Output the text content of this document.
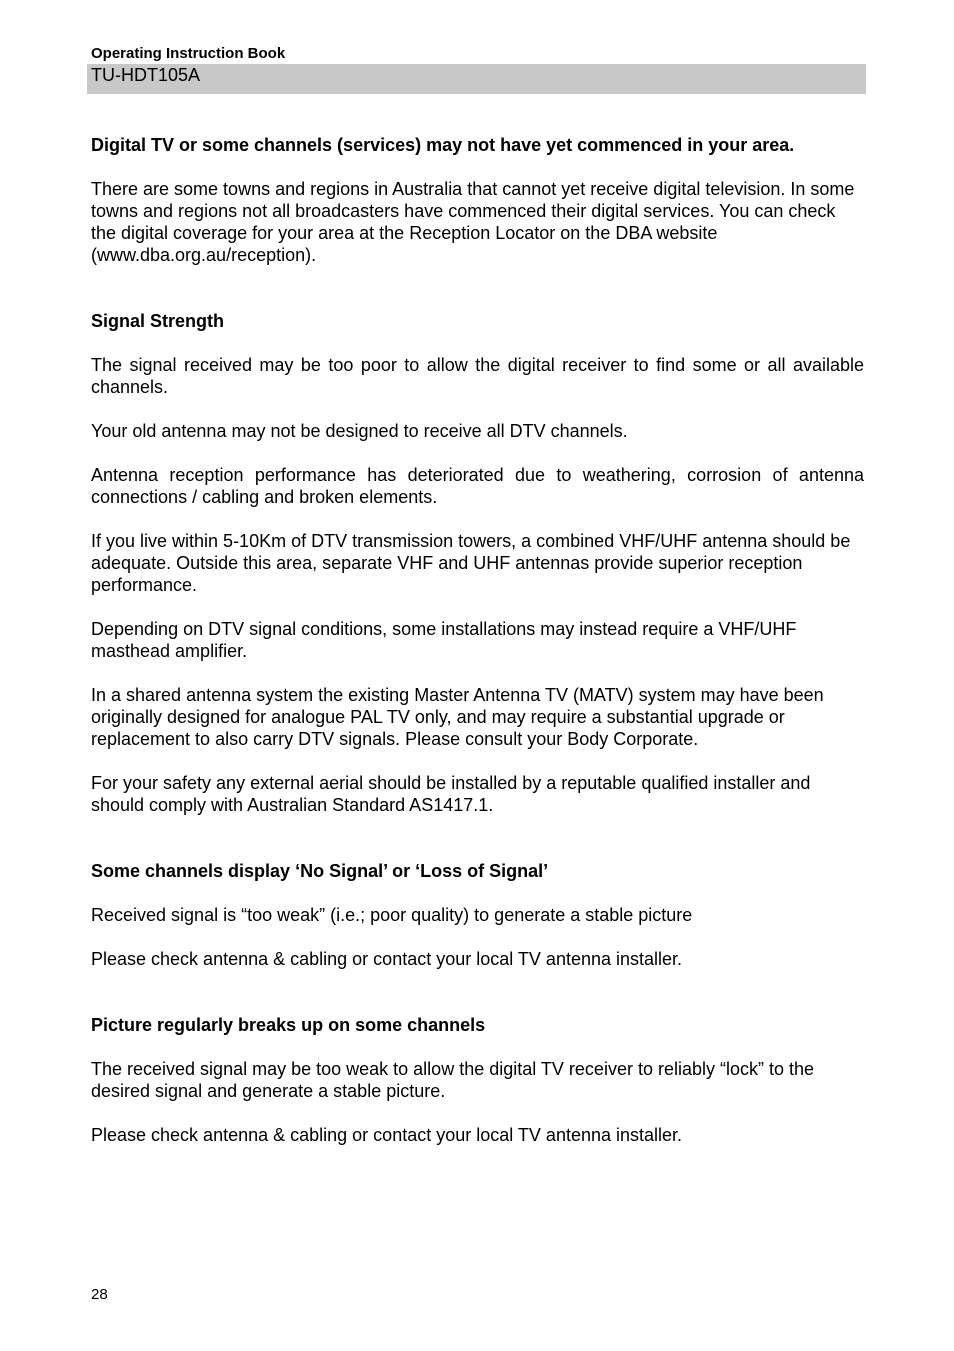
Operating Instruction Book

TU-HDT105A

Digital TV or some channels (services) may not have yet commenced in your area.

There are some towns and regions in Australia that cannot yet receive digital television. In some towns and regions not all broadcasters have commenced their digital services. You can check the digital coverage for your area at the Reception Locator on the DBA website (www.dba.org.au/reception).

Signal Strength

The signal received may be too poor to allow the digital receiver to find some or all available channels.

Your old antenna may not be designed to receive all DTV channels.

Antenna reception performance has deteriorated due to weathering, corrosion of antenna connections / cabling and broken elements.

If you live within 5-10Km of DTV transmission towers, a combined VHF/UHF antenna should be adequate. Outside this area, separate VHF and UHF antennas provide superior reception performance.

Depending on DTV signal conditions, some installations may instead require a VHF/UHF masthead amplifier.

In a shared antenna system the existing Master Antenna TV (MATV) system may have been originally designed for analogue PAL TV only, and may require a substantial upgrade or replacement to also carry DTV signals. Please consult your Body Corporate.

For your safety any external aerial should be installed by a reputable qualified installer and should comply with Australian Standard AS1417.1.

Some channels display ‘No Signal’ or ‘Loss of Signal’

Received signal is “too weak” (i.e.; poor quality) to generate a stable picture

Please check antenna & cabling or contact your local TV antenna installer.

Picture regularly breaks up on some channels

The received signal may be too weak to allow the digital TV receiver to reliably “lock” to the desired signal and generate a stable picture.

Please check antenna & cabling or contact your local TV antenna installer.

28
